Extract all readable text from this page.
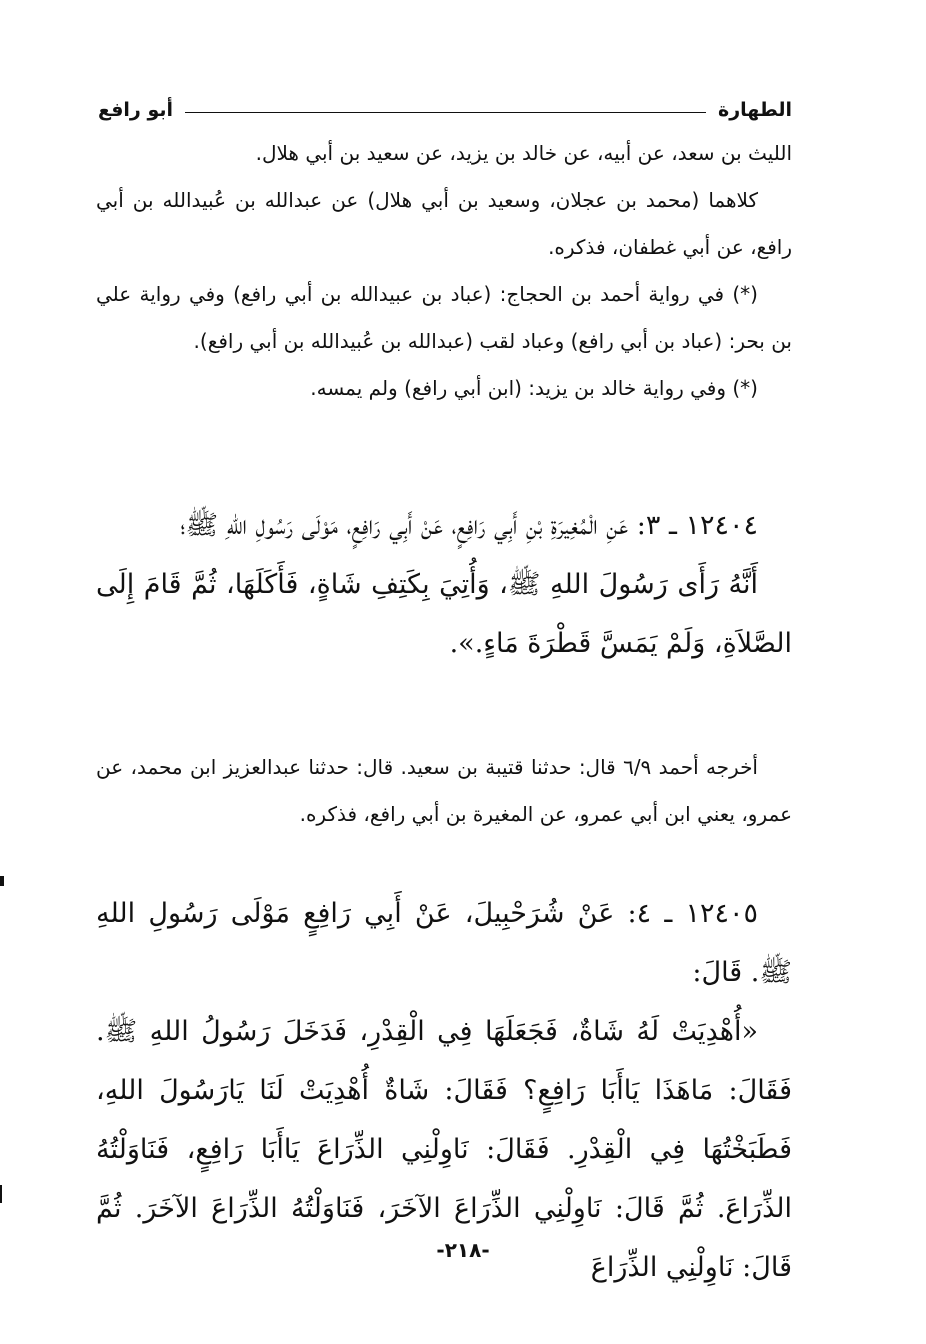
الطهارة
أبو رافع

الليث بن سعد، عن أبيه، عن خالد بن يزيد، عن سعيد بن أبي هلال.

كلاهما (محمد بن عجلان، وسعيد بن أبي هلال) عن عبدالله بن عُبيدالله بن أبي رافع، عن أبي غطفان، فذكره.

(*) في رواية أحمد بن الحجاج: (عباد بن عبيدالله بن أبي رافع) وفي رواية علي بن بحر: (عباد بن أبي رافع) وعباد لقب (عبدالله بن عُبيدالله بن أبي رافع).

(*) وفي رواية خالد بن يزيد: (ابن أبي رافع) ولم يمسه.

١٢٤٠٤ ـ ٣: عَنِ الْمُغِيرَةِ بْنِ أَبِي رَافِعٍ، عَنْ أَبِي رَافِعٍ، مَوْلَى رَسُولِ اللهِ ﷺ؛

أَنَّهُ رَأَى رَسُولَ اللهِ ﷺ، وَأُتِيَ بِكَتِفِ شَاةٍ، فَأَكَلَهَا، ثُمَّ قَامَ إِلَى الصَّلاَةِ، وَلَمْ يَمَسَّ قَطْرَةَ مَاءٍ.».

أخرجه أحمد ٦/٩ قال: حدثنا قتيبة بن سعيد. قال: حدثنا عبدالعزيز ابن محمد، عن عمرو، يعني ابن أبي عمرو، عن المغيرة بن أبي رافع، فذكره.

١٢٤٠٥ ـ ٤: عَنْ شُرَحْبِيلَ، عَنْ أَبِي رَافِعٍ مَوْلَى رَسُولِ اللهِ ﷺ. قَالَ:

«أُهْدِيَتْ لَهُ شَاةٌ، فَجَعَلَهَا فِي الْقِدْرِ، فَدَخَلَ رَسُولُ اللهِ ﷺ. فَقَالَ: مَاهَذَا يَاأَبَا رَافِعٍ؟ فَقَالَ: شَاةٌ أُهْدِيَتْ لَنَا يَارَسُولَ اللهِ، فَطَبَخْتُهَا فِي الْقِدْرِ. فَقَالَ: نَاوِلْنِي الذِّرَاعَ يَاأَبَا رَافِعٍ، فَنَاوَلْتُهُ الذِّرَاعَ. ثُمَّ قَالَ: نَاوِلْنِي الذِّرَاعَ الآخَرَ، فَنَاوَلْتُهُ الذِّرَاعَ الآخَرَ. ثُمَّ قَالَ: نَاوِلْنِي الذِّرَاعَ

-٢١٨-
